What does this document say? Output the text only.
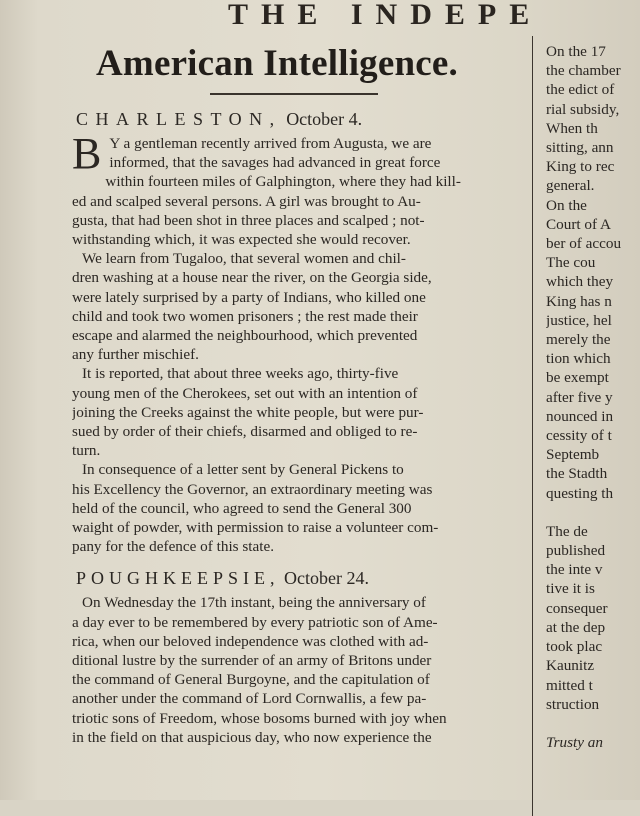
THE INDEPE
American Intelligence.
CHARLESTON, October 4.
B Y a gentleman recently arrived from Augusta, we are
informed, that the savages had advanced in great force
within fourteen miles of Galphington, where they had kill-
ed and scalped several persons. A girl was brought to Au-
gusta, that had been shot in three places and scalped ; not-
withstanding which, it was expected she would recover.
We learn from Tugaloo, that several women and chil-
dren washing at a house near the river, on the Georgia side,
were lately surprised by a party of Indians, who killed one
child and took two women prisoners ; the rest made their
escape and alarmed the neighbourhood, which prevented
any further mischief.
It is reported, that about three weeks ago, thirty-five
young men of the Cherokees, set out with an intention of
joining the Creeks against the white people, but were pur-
sued by order of their chiefs, disarmed and obliged to re-
turn.
In consequence of a letter sent by General Pickens to
his Excellency the Governor, an extraordinary meeting was
held of the council, who agreed to send the General 300
waight of powder, with permission to raise a volunteer com-
pany for the defence of this state.
POUGHKEEPSIE, October 24.
On Wednesday the 17th instant, being the anniversary of
a day ever to be remembered by every patriotic son of Ame-
rica, when our beloved independence was clothed with ad-
ditional lustre by the surrender of an army of Britons under
the command of General Burgoyne, and the capitulation of
another under the command of Lord Cornwallis, a few pa-
triotic sons of Freedom, whose bosoms burned with joy when
in the field on that auspicious day, who now experience the
On the 17
the chamber
the edict of
rial subsidy,
When th
sitting, ann
King to rec
general.
On the
Court of A
ber of accou
The cou
which they
King has n
justice, hel
merely the
tion which
be exempt
after five y
nounced in
cessity of t
Septemb
the Stadth
questing th
The de
published
the inte v
tive it is
consequer
at the dep
took plac
Kaunitz
mitted t
struction

Trusty an
